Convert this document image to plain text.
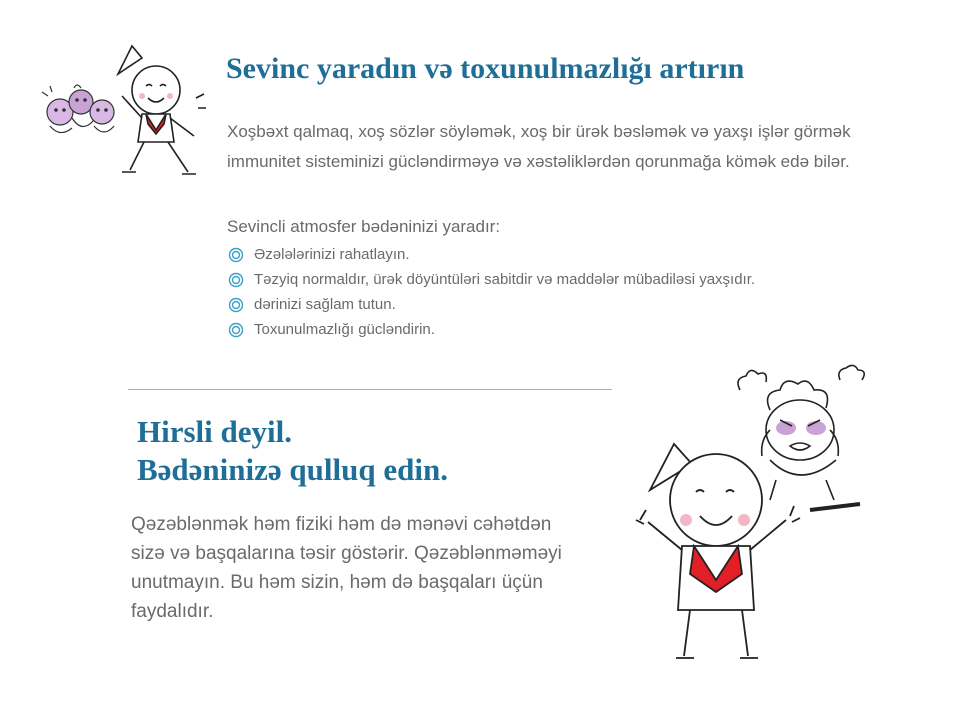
Sevinc yaradın və toxunulmazlığı artırın
Xoşbəxt qalmaq, xoş sözlər söyləmək, xoş bir ürək bəsləmək və yaxşı işlər görmək immunitet sisteminizi gücləndirməyə və xəstəliklərdən qorunmağa kömək edə bilər.
Sevincli atmosfer bədəninizi yaradır:
Əzələlərinizi rahatlayın.
Təzyiq normaldır, ürək döyüntüləri sabitdir və maddələr mübadiləsi yaxşıdır.
dərinizi sağlam tutun.
Toxunulmazlığı gücləndirin.
Hirsli deyil.
Bədəninizə qulluq edin.
Qəzəblənmək həm fiziki həm də mənəvi cəhətdən sizə və başqalarına təsir göstərir. Qəzəblənməməyi unutmayın. Bu həm sizin, həm də başqaları üçün faydalıdır.
